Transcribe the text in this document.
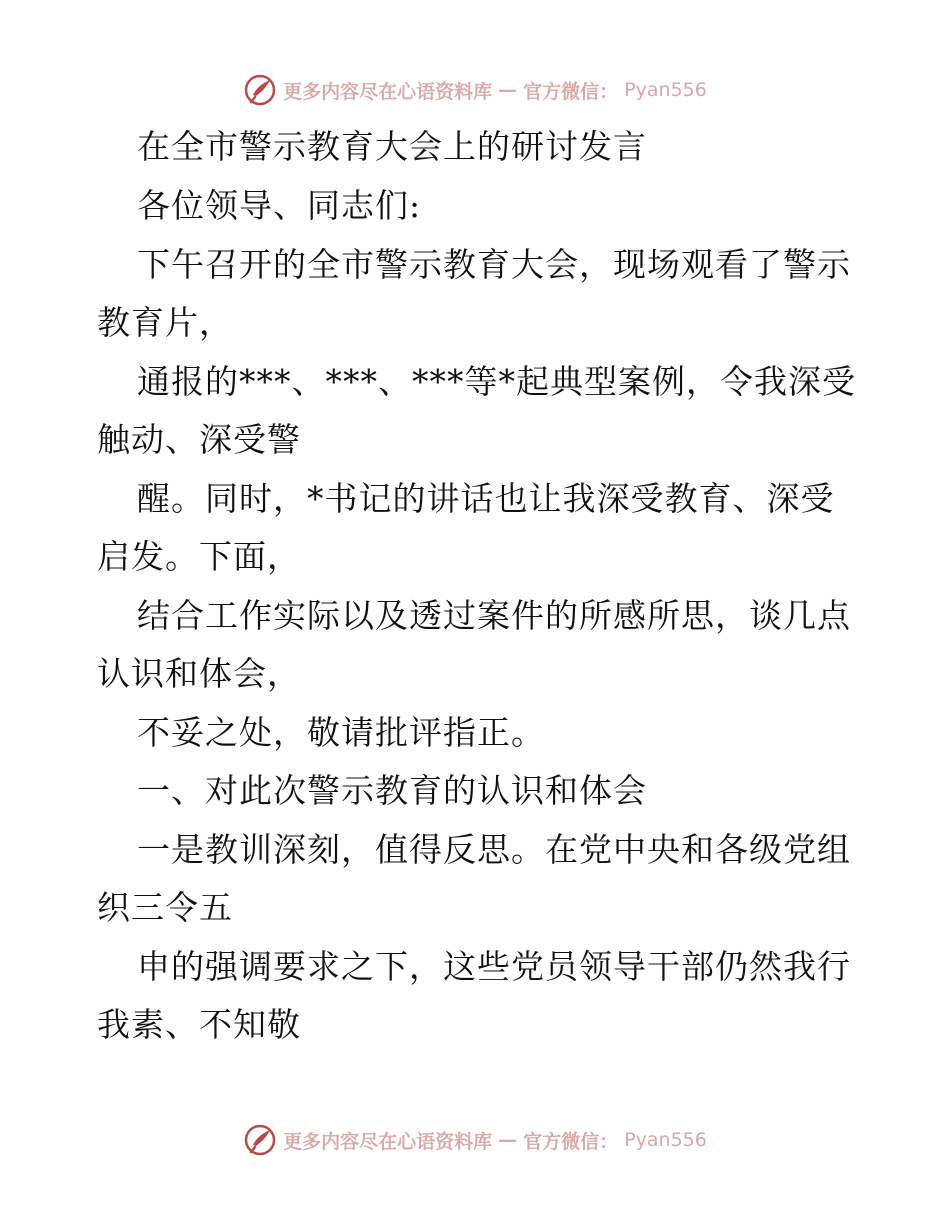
更多内容尽在心语资料库 — 官方微信： Pyan556
在全市警示教育大会上的研讨发言
各位领导、同志们:
下午召开的全市警示教育大会，现场观看了警示
教育片，
通报的***、***、***等*起典型案例，令我深受
触动、深受警
醒。同时，*书记的讲话也让我深受教育、深受
启发。下面，
结合工作实际以及透过案件的所感所思，谈几点
认识和体会，
不妥之处，敬请批评指正。
一、对此次警示教育的认识和体会
一是教训深刻，值得反思。在党中央和各级党组
织三令五
申的强调要求之下，这些党员领导干部仍然我行
我素、不知敬
更多内容尽在心语资料库 — 官方微信： Pyan556
